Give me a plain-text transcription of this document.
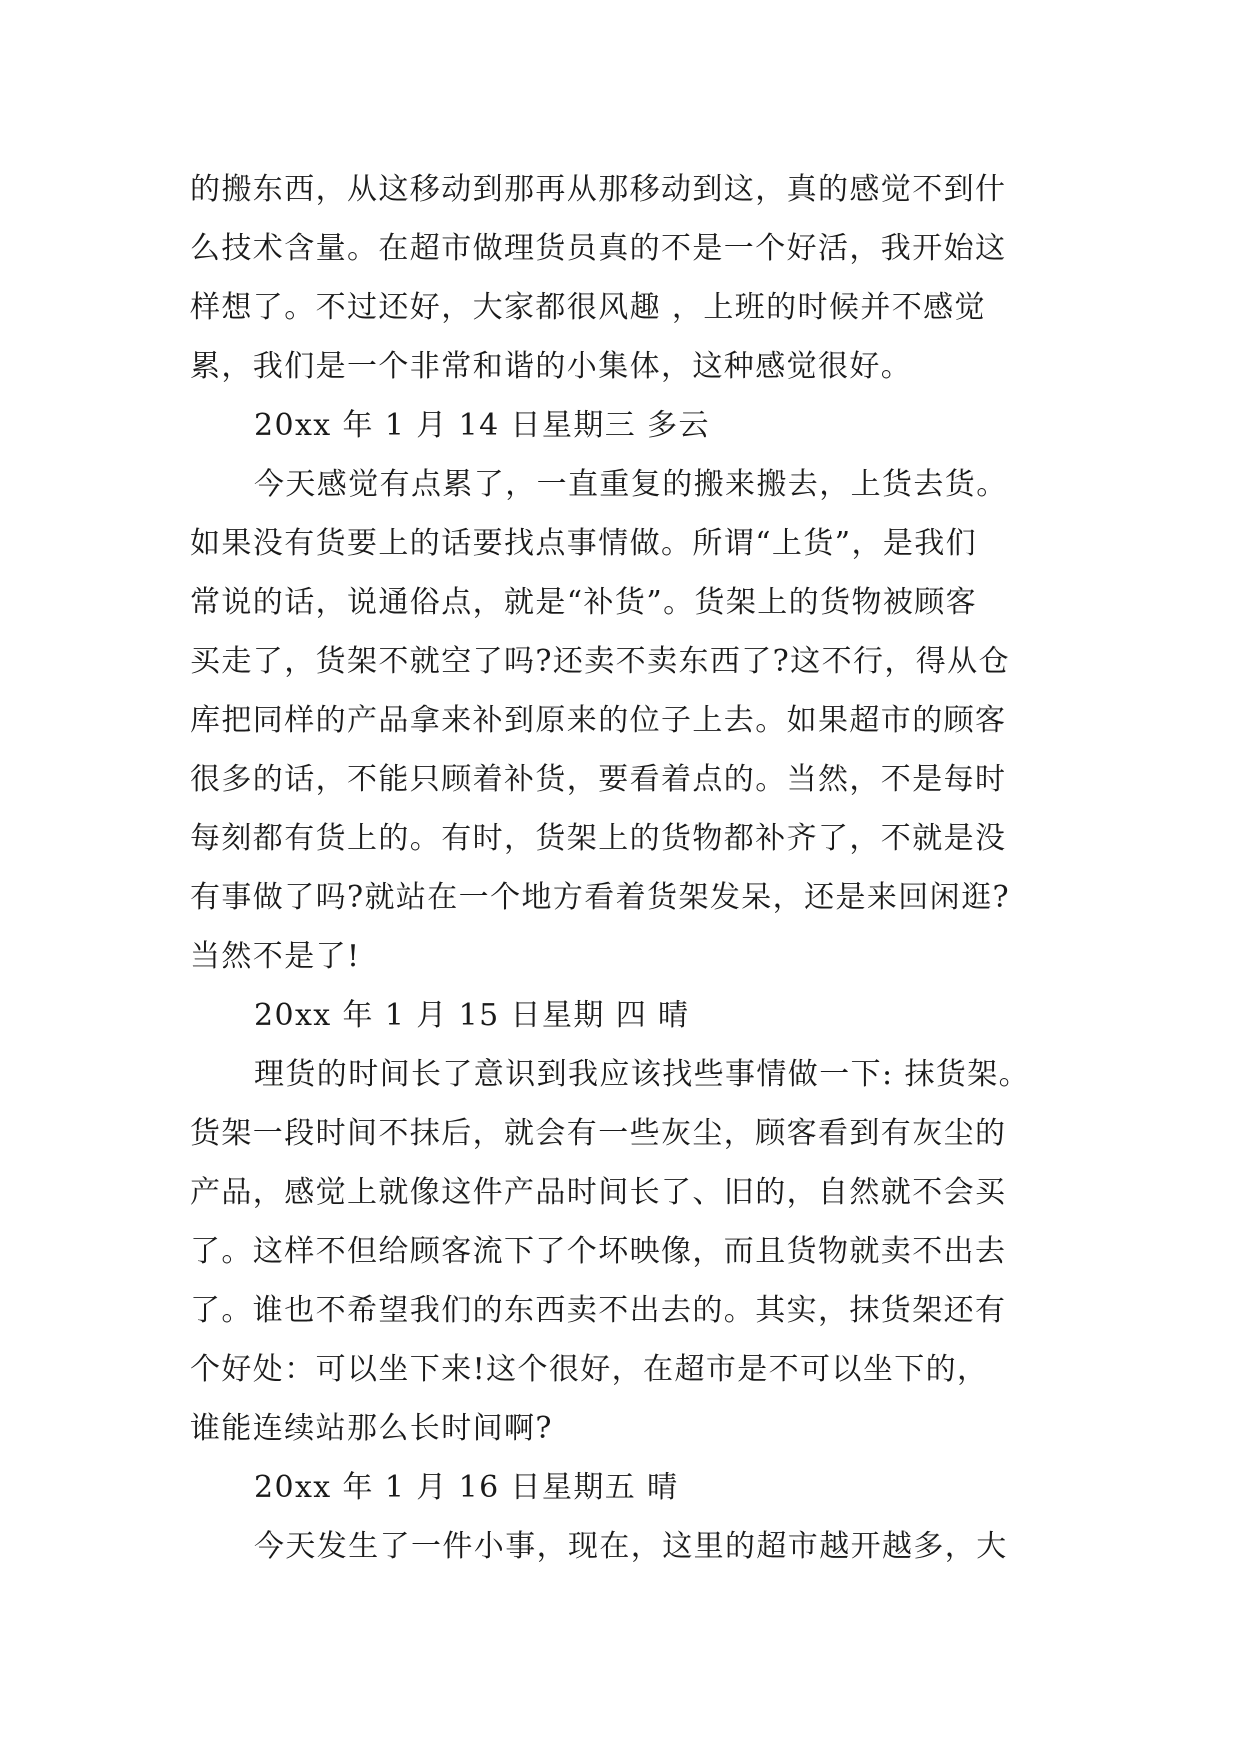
的搬东西，从这移动到那再从那移动到这，真的感觉不到什
么技术含量。在超市做理货员真的不是一个好活，我开始这
样想了。不过还好，大家都很风趣 ，上班的时候并不感觉
累，我们是一个非常和谐的小集体，这种感觉很好。
20xx 年 1 月 14 日星期三 多云
今天感觉有点累了，一直重复的搬来搬去，上货去货。
如果没有货要上的话要找点事情做。所谓“上货”，是我们
常说的话，说通俗点，就是“补货”。货架上的货物被顾客
买走了，货架不就空了吗?还卖不卖东西了?这不行，得从仓
库把同样的产品拿来补到原来的位子上去。如果超市的顾客
很多的话，不能只顾着补货，要看着点的。当然，不是每时
每刻都有货上的。有时，货架上的货物都补齐了，不就是没
有事做了吗?就站在一个地方看着货架发呆，还是来回闲逛?
当然不是了!
20xx 年 1 月 15 日星期 四 晴
理货的时间长了意识到我应该找些事情做一下: 抹货架。
货架一段时间不抹后，就会有一些灰尘，顾客看到有灰尘的
产品，感觉上就像这件产品时间长了、旧的，自然就不会买
了。这样不但给顾客流下了个坏映像，而且货物就卖不出去
了。谁也不希望我们的东西卖不出去的。其实，抹货架还有
个好处：可以坐下来!这个很好，在超市是不可以坐下的，
谁能连续站那么长时间啊?
20xx 年 1 月 16 日星期五 晴
今天发生了一件小事，现在，这里的超市越开越多，大
